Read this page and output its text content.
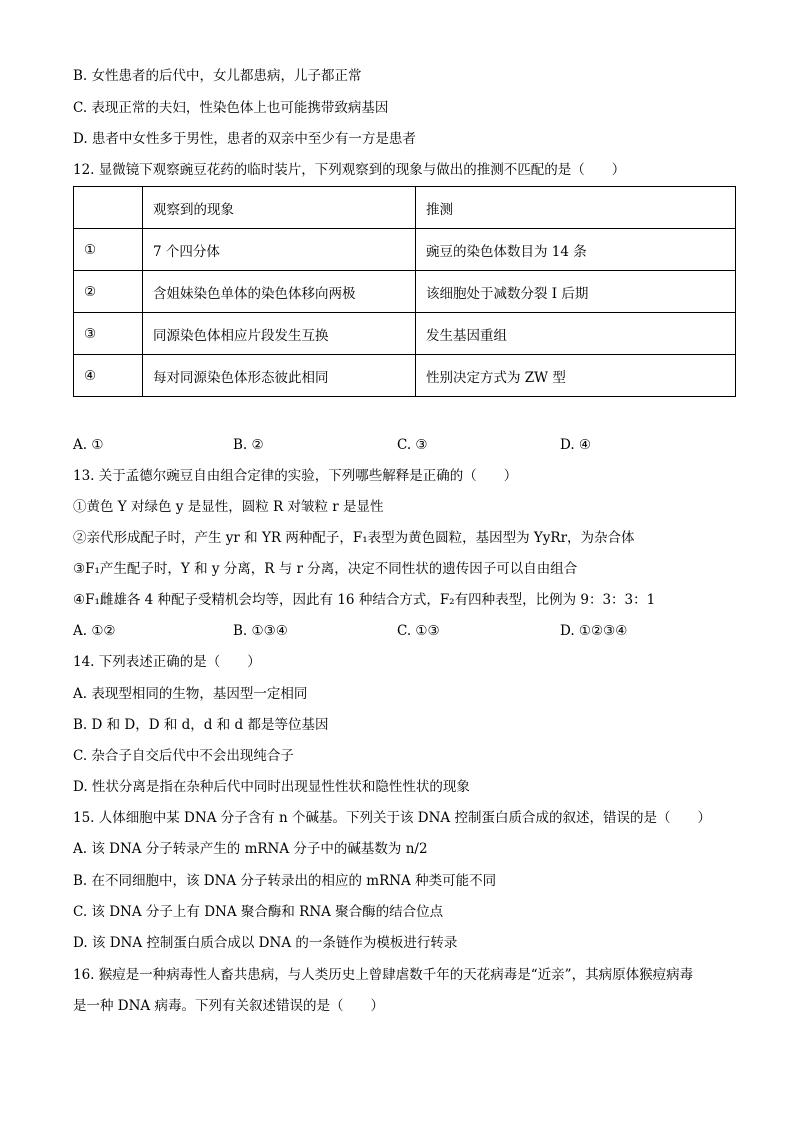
B. 女性患者的后代中，女儿都患病，儿子都正常
C. 表现正常的夫妇，性染色体上也可能携带致病基因
D. 患者中女性多于男性，患者的双亲中至少有一方是患者
12. 显微镜下观察豌豆花药的临时装片，下列观察到的现象与做出的推测不匹配的是（　　）
	观察到的现象	推测
①	7 个四分体	豌豆的染色体数目为 14 条
②	含姐妹染色单体的染色体移向两极	该细胞处于减数分裂 I 后期
③	同源染色体相应片段发生互换	发生基因重组
④	每对同源染色体形态彼此相同	性别决定方式为 ZW 型
A. ①	B. ②	C. ③	D. ④
13. 关于孟德尔豌豆自由组合定律的实验，下列哪些解释是正确的（　　）
①黄色 Y 对绿色 y 是显性，圆粒 R 对皱粒 r 是显性
②亲代形成配子时，产生 yr 和 YR 两种配子，F₁表型为黄色圆粒，基因型为 YyRr，为杂合体
③F₁产生配子时，Y 和 y 分离，R 与 r 分离，决定不同性状的遗传因子可以自由组合
④F₁雌雄各 4 种配子受精机会均等，因此有 16 种结合方式，F₂有四种表型，比例为 9：3：3：1
A. ①②	B. ①③④	C. ①③	D. ①②③④
14. 下列表述正确的是（　　）
A. 表现型相同的生物，基因型一定相同
B. D 和 D，D 和 d，d 和 d 都是等位基因
C. 杂合子自交后代中不会出现纯合子
D. 性状分离是指在杂种后代中同时出现显性性状和隐性性状的现象
15. 人体细胞中某 DNA 分子含有 n 个碱基。下列关于该 DNA 控制蛋白质合成的叙述，错误的是（　　）
A. 该 DNA 分子转录产生的 mRNA 分子中的碱基数为 n/2
B. 在不同细胞中，该 DNA 分子转录出的相应的 mRNA 种类可能不同
C. 该 DNA 分子上有 DNA 聚合酶和 RNA 聚合酶的结合位点
D. 该 DNA 控制蛋白质合成以 DNA 的一条链作为模板进行转录
16. 猴痘是一种病毒性人畜共患病，与人类历史上曾肆虐数千年的天花病毒是“近亲”，其病原体猴痘病毒
是一种 DNA 病毒。下列有关叙述错误的是（　　）
